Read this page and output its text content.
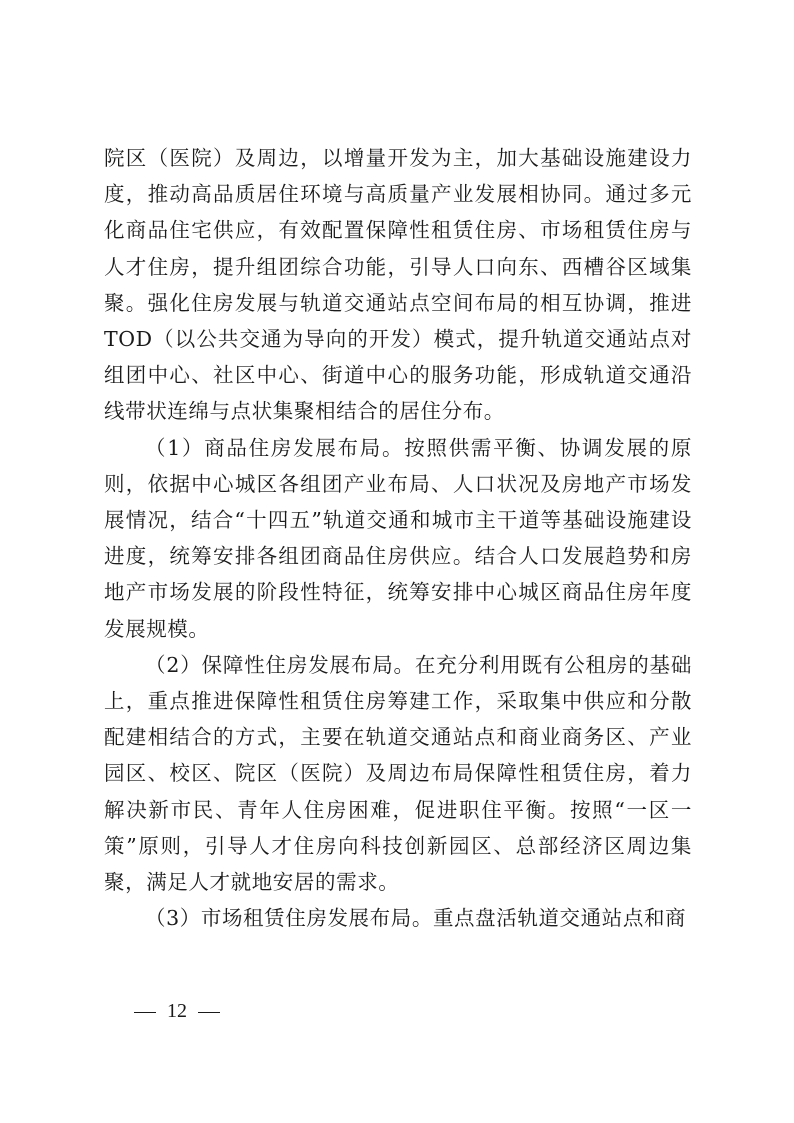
院区（医院）及周边，以增量开发为主，加大基础设施建设力度，推动高品质居住环境与高质量产业发展相协同。通过多元化商品住宅供应，有效配置保障性租赁住房、市场租赁住房与人才住房，提升组团综合功能，引导人口向东、西槽谷区域集聚。强化住房发展与轨道交通站点空间布局的相互协调，推进TOD（以公共交通为导向的开发）模式，提升轨道交通站点对组团中心、社区中心、街道中心的服务功能，形成轨道交通沿线带状连绵与点状集聚相结合的居住分布。

（1）商品住房发展布局。按照供需平衡、协调发展的原则，依据中心城区各组团产业布局、人口状况及房地产市场发展情况，结合“十四五”轨道交通和城市主干道等基础设施建设进度，统筹安排各组团商品住房供应。结合人口发展趋势和房地产市场发展的阶段性特征，统筹安排中心城区商品住房年度发展规模。

（2）保障性住房发展布局。在充分利用既有公租房的基础上，重点推进保障性租赁住房筹建工作，采取集中供应和分散配建相结合的方式，主要在轨道交通站点和商业商务区、产业园区、校区、院区（医院）及周边布局保障性租赁住房，着力解决新市民、青年人住房困难，促进职住平衡。按照“一区一策”原则，引导人才住房向科技创新园区、总部经济区周边集聚，满足人才就地安居的需求。

（3）市场租赁住房发展布局。重点盘活轨道交通站点和商

12
